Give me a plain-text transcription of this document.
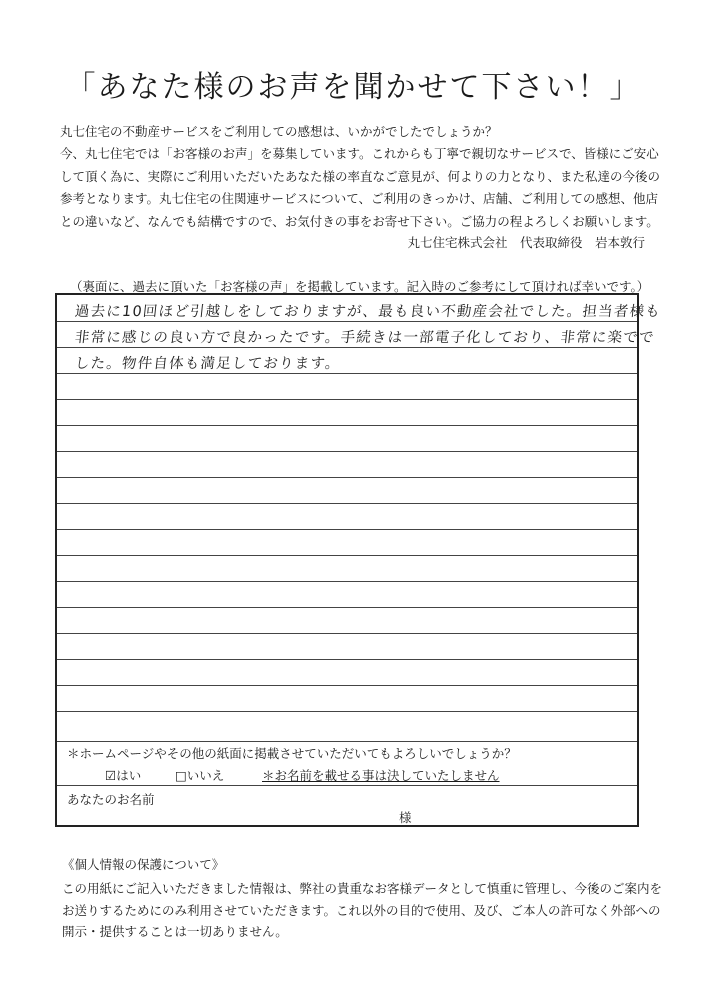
「あなた様のお声を聞かせて下さい！」

丸七住宅の不動産サービスをご利用しての感想は、いかがでしたでしょうか？

今、丸七住宅では「お客様のお声」を募集しています。これからも丁寧で親切なサービスで、皆様にご安心

して頂く為に、実際にご利用いただいたあなた様の率直なご意見が、何よりの力となり、また私達の今後の

参考となります。丸七住宅の住関連サービスについて、ご利用のきっかけ、店舗、ご利用しての感想、他店

との違いなど、なんでも結構ですので、お気付きの事をお寄せ下さい。ご協力の程よろしくお願いします。

丸七住宅株式会社　代表取締役　岩本敦行
（裏面に、過去に頂いた「お客様の声」を掲載しています。記入時のご参考にして頂ければ幸いです。）
過去に10回ほど引越しをしておりますが、最も良い不動産会社でした。担当者様も
非常に感じの良い方で良かったです。手続きは一部電子化しており、非常に楽でで
した。物件自体も満足しております。
＊ホームページやその他の紙面に掲載させていただいてもよろしいでしょうか？
☑はい	□いいえ	＊お名前を載せる事は決していたしません
あなたのお名前
様
《個人情報の保護について》

この用紙にご記入いただきました情報は、弊社の貴重なお客様データとして慎重に管理し、今後のご案内を

お送りするためにのみ利用させていただきます。これ以外の目的で使用、及び、ご本人の許可なく外部への

開示・提供することは一切ありません。
